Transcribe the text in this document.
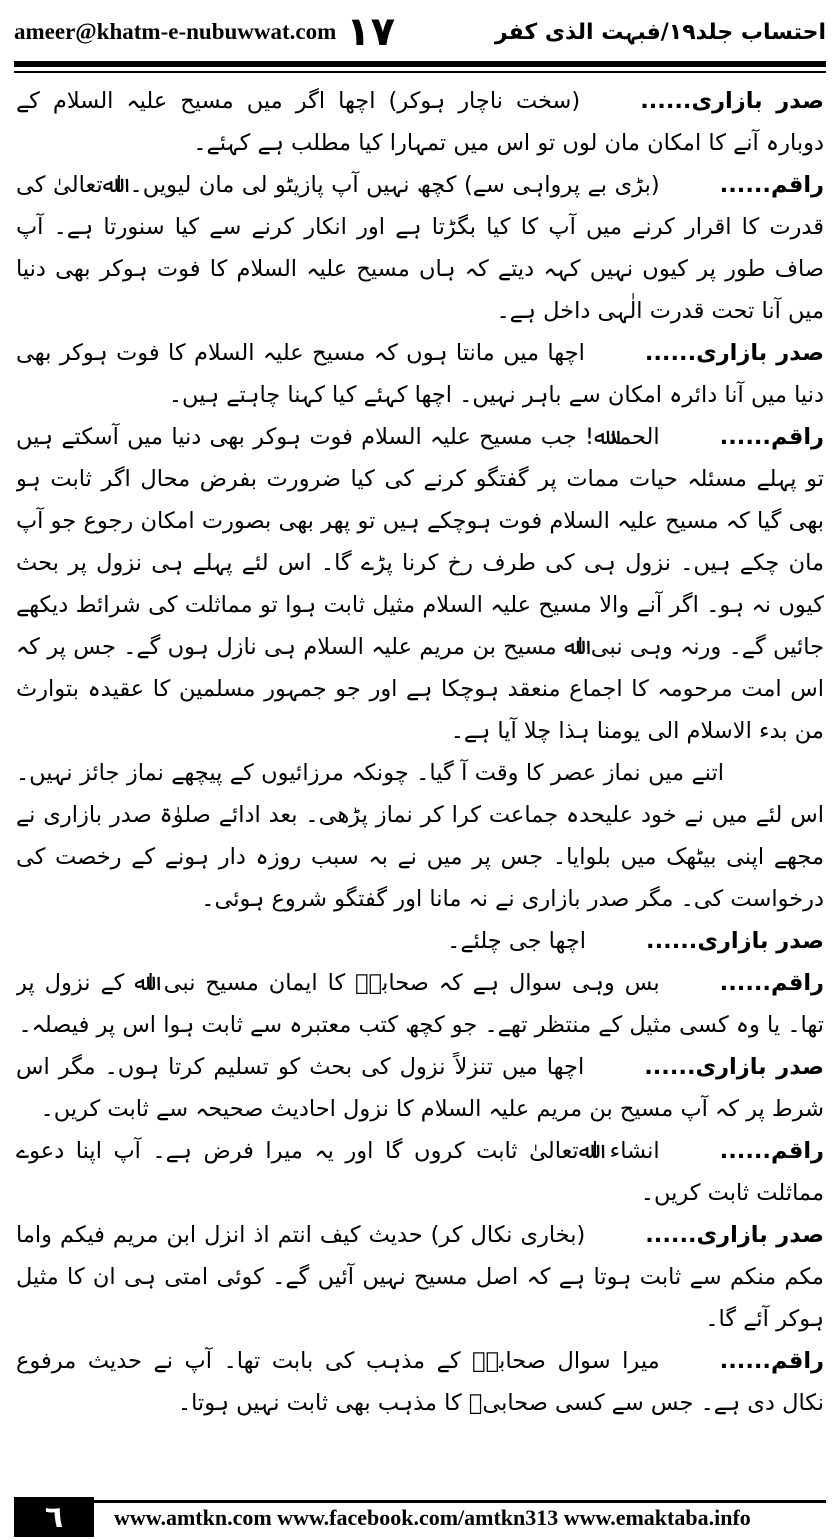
ameer@khatm-e-nubuwwat.com ۱۷	احتساب جلد۱۹/فبہت الذی کفر

صدر بازاری......(سخت ناچار ہوکر) اچھا اگر میں مسیح علیہ السلام کے دوبارہ آنے کا امکان مان لوں تو اس میں تمہارا کیا مطلب ہے کہئے۔

راقم......(بڑی بے پرواہی سے) کچھ نہیں آپ پازیٹو لی مان لیویں۔ اﷲتعالیٰ کی قدرت کا اقرار کرنے میں آپ کا کیا بگڑتا ہے اور انکار کرنے سے کیا سنورتا ہے۔ آپ صاف طور پر کیوں نہیں کہہ دیتے کہ ہاں مسیح علیہ السلام کا فوت ہوکر بھی دنیا میں آنا تحت قدرت الٰہی داخل ہے۔

صدر بازاری......اچھا میں مانتا ہوں کہ مسیح علیہ السلام کا فوت ہوکر بھی دنیا میں آنا دائرہ امکان سے باہر نہیں۔ اچھا کہئے کیا کہنا چاہتے ہیں۔

راقم......الحمدﷲ! جب مسیح علیہ السلام فوت ہوکر بھی دنیا میں آسکتے ہیں تو پہلے مسئلہ حیات ممات پر گفتگو کرنے کی کیا ضرورت بفرض محال اگر ثابت ہو بھی گیا کہ مسیح علیہ السلام فوت ہوچکے ہیں تو پھر بھی بصورت امکان رجوع جو آپ مان چکے ہیں۔ نزول ہی کی طرف رخ کرنا پڑے گا۔ اس لئے پہلے ہی نزول پر بحث کیوں نہ ہو۔ اگر آنے والا مسیح علیہ السلام مثیل ثابت ہوا تو مماثلت کی شرائط دیکھے جائیں گے۔ ورنہ وہی نبی اﷲ مسیح بن مریم علیہ السلام ہی نازل ہوں گے۔ جس پر کہ اس امت مرحومہ کا اجماع منعقد ہوچکا ہے اور جو جمہور مسلمین کا عقیدہ بتوارث من بدء الاسلام الی یومنا ہذا چلا آیا ہے۔

اتنے میں نماز عصر کا وقت آ گیا۔ چونکہ مرزائیوں کے پیچھے نماز جائز نہیں۔ اس لئے میں نے خود علیحدہ جماعت کرا کر نماز پڑھی۔ بعد ادائے صلوٰۃ صدر بازاری نے مجھے اپنی بیٹھک میں بلوایا۔ جس پر میں نے بہ سبب روزہ دار ہونے کے رخصت کی درخواست کی۔ مگر صدر بازاری نے نہ مانا اور گفتگو شروع ہوئی۔

صدر بازاری......اچھا جی چلئے۔

راقم......بس وہی سوال ہے کہ صحابہؓ کا ایمان مسیح نبی اﷲ کے نزول پر تھا۔ یا وہ کسی مثیل کے منتظر تھے۔ جو کچھ کتب معتبرہ سے ثابت ہوا اس پر فیصلہ۔

صدر بازاری......اچھا میں تنزلاً نزول کی بحث کو تسلیم کرتا ہوں۔ مگر اس شرط پر کہ آپ مسیح بن مریم علیہ السلام کا نزول احادیث صحیحہ سے ثابت کریں۔

راقم......انشاء اﷲتعالیٰ ثابت کروں گا اور یہ میرا فرض ہے۔ آپ اپنا دعوے مماثلت ثابت کریں۔

صدر بازاری......(بخاری نکال کر) حدیث کیف انتم اذ انزل ابن مریم فیکم واما مکم منکم سے ثابت ہوتا ہے کہ اصل مسیح نہیں آئیں گے۔ کوئی امتی ہی ان کا مثیل ہوکر آئے گا۔

راقم......میرا سوال صحابہؓ کے مذہب کی بابت تھا۔ آپ نے حدیث مرفوع نکال دی ہے۔ جس سے کسی صحابیؓ کا مذہب بھی ثابت نہیں ہوتا۔

٦	www.amtkn.com www.facebook.com/amtkn313 www.emaktaba.info
